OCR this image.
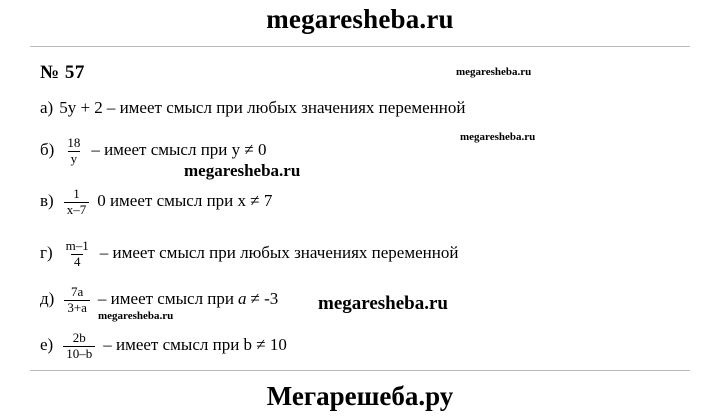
megaresheba.ru
№ 57
а) 5y + 2 – имеет смысл при любых значениях переменной
$б) \frac{18}{y}$ – имеет смысл при y ≠ 0
$в) \frac{1}{x-7} 0$ имеет смысл при x ≠ 7
$г) \frac{m-1}{4}$ – имеет смысл при любых значениях переменной
$д) \frac{7a}{3+a}$ – имеет смысл при a ≠ -3
$е) \frac{2b}{10-b}$ – имеет смысл при b ≠ 10
megaresheba.ru
megaresheba.ru
megaresheba.ru
megaresheba.ru
megaresheba.ru
Мегарешеба.ру
